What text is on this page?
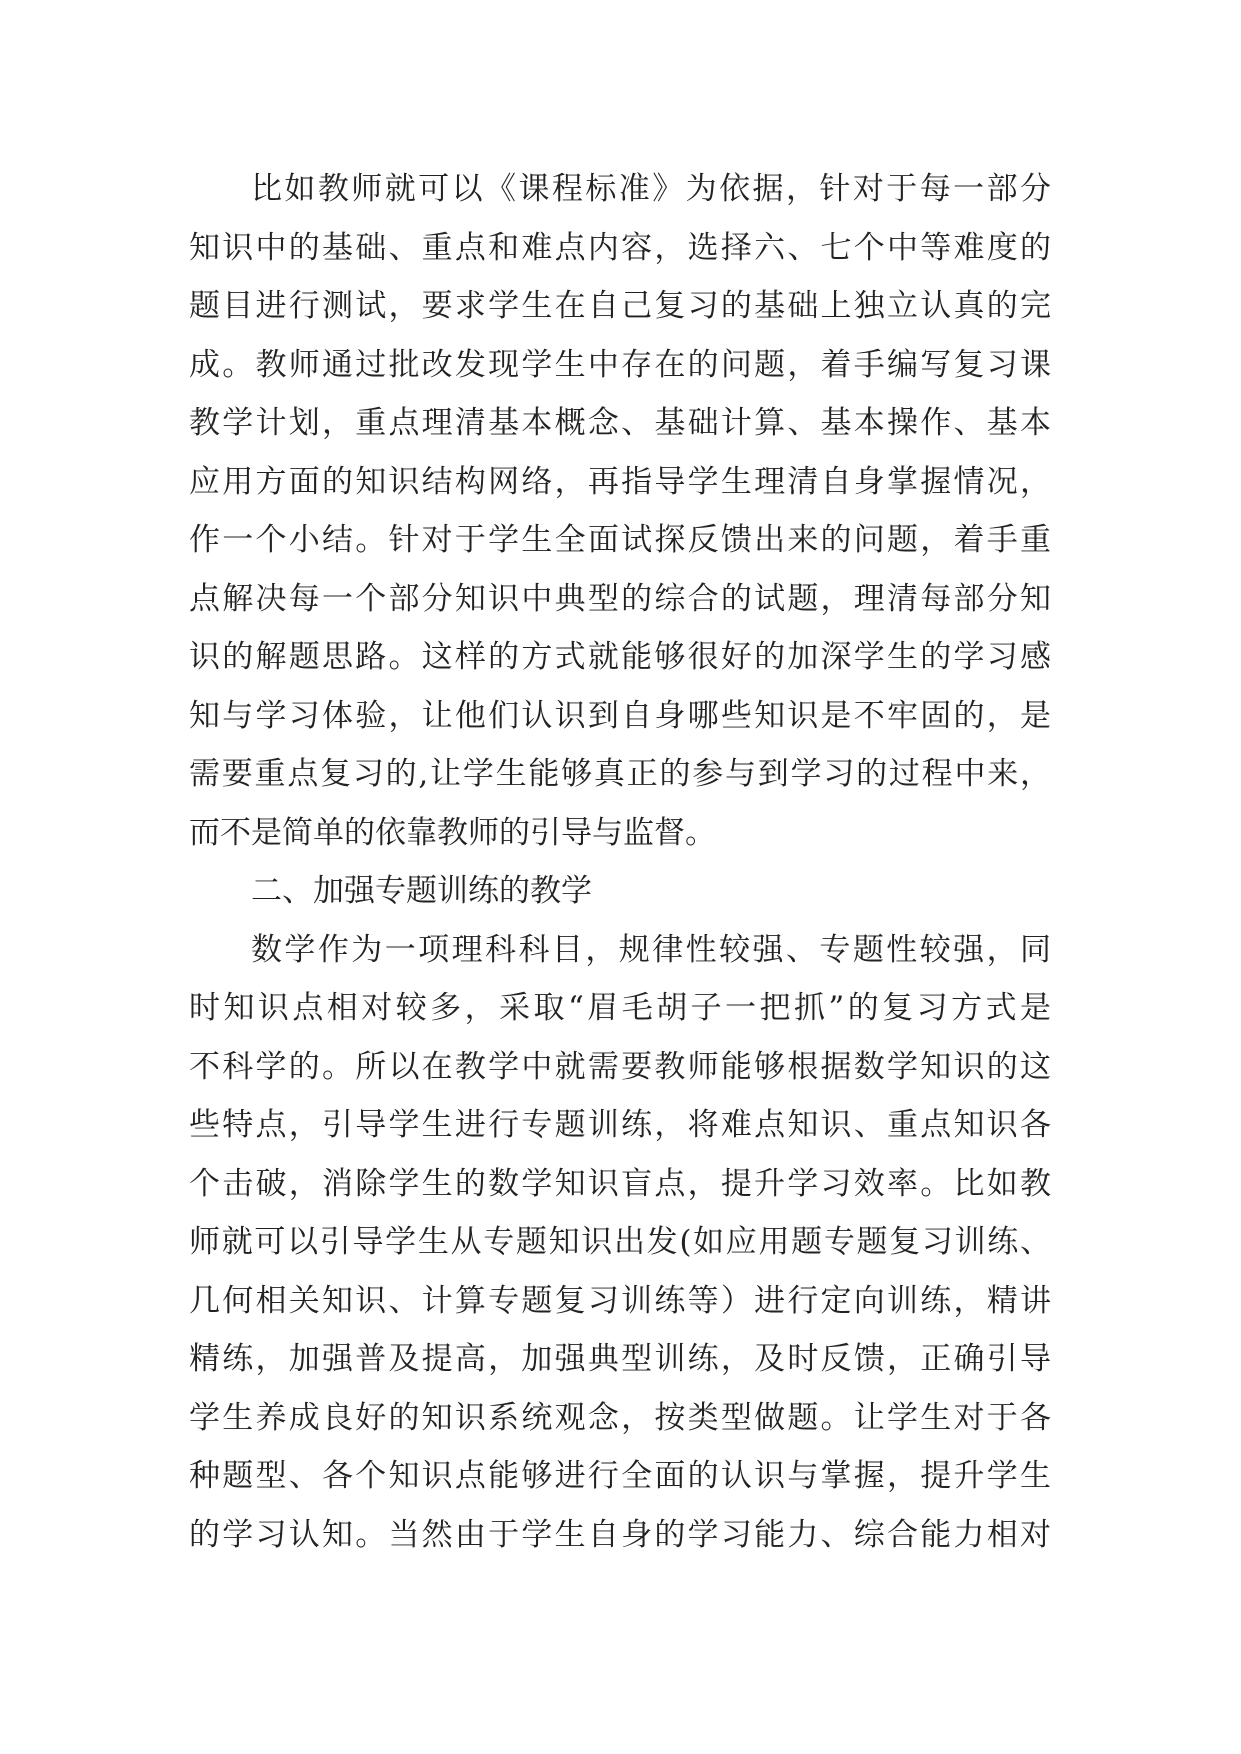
比如教师就可以《课程标准》为依据，针对于每一部分
知识中的基础、重点和难点内容，选择六、七个中等难度的
题目进行测试，要求学生在自己复习的基础上独立认真的完
成。教师通过批改发现学生中存在的问题，着手编写复习课
教学计划，重点理清基本概念、基础计算、基本操作、基本
应用方面的知识结构网络，再指导学生理清自身掌握情况，
作一个小结。针对于学生全面试探反馈出来的问题，着手重
点解决每一个部分知识中典型的综合的试题，理清每部分知
识的解题思路。这样的方式就能够很好的加深学生的学习感
知与学习体验，让他们认识到自身哪些知识是不牢固的，是
需要重点复习的,让学生能够真正的参与到学习的过程中来，
而不是简单的依靠教师的引导与监督。
二、加强专题训练的教学
数学作为一项理科科目，规律性较强、专题性较强，同
时知识点相对较多，采取“眉毛胡子一把抓”的复习方式是
不科学的。所以在教学中就需要教师能够根据数学知识的这
些特点，引导学生进行专题训练，将难点知识、重点知识各
个击破，消除学生的数学知识盲点，提升学习效率。比如教
师就可以引导学生从专题知识出发(如应用题专题复习训练、
几何相关知识、计算专题复习训练等）进行定向训练，精讲
精练，加强普及提高，加强典型训练，及时反馈，正确引导
学生养成良好的知识系统观念，按类型做题。让学生对于各
种题型、各个知识点能够进行全面的认识与掌握，提升学生
的学习认知。当然由于学生自身的学习能力、综合能力相对
